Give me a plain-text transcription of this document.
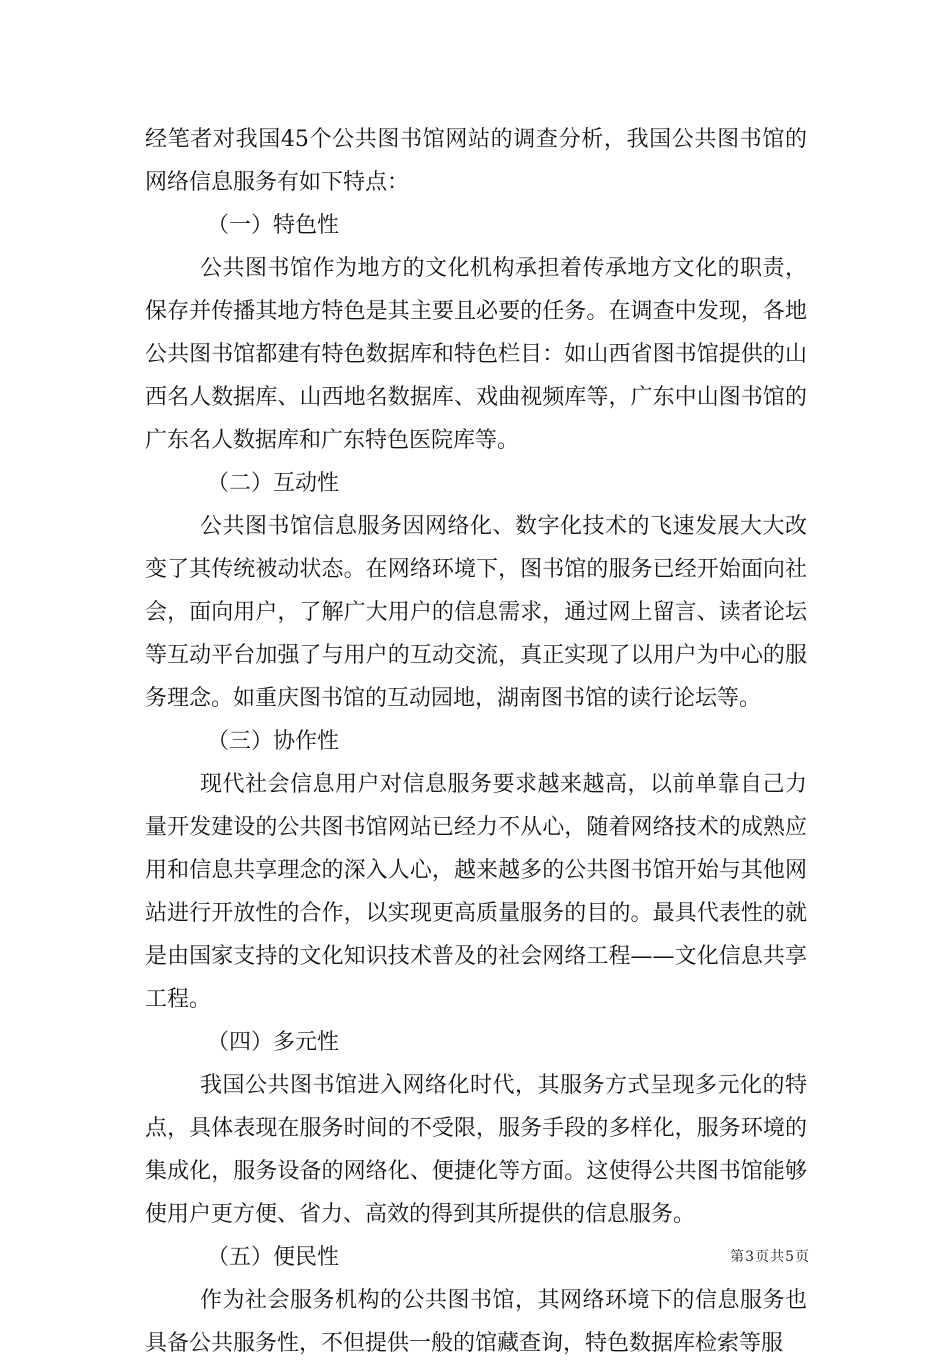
经笔者对我国45个公共图书馆网站的调查分析，我国公共图书馆的网络信息服务有如下特点：

（一）特色性

公共图书馆作为地方的文化机构承担着传承地方文化的职责，保存并传播其地方特色是其主要且必要的任务。在调查中发现，各地公共图书馆都建有特色数据库和特色栏目：如山西省图书馆提供的山西名人数据库、山西地名数据库、戏曲视频库等，广东中山图书馆的广东名人数据库和广东特色医院库等。

（二）互动性

公共图书馆信息服务因网络化、数字化技术的飞速发展大大改变了其传统被动状态。在网络环境下，图书馆的服务已经开始面向社会，面向用户，了解广大用户的信息需求，通过网上留言、读者论坛等互动平台加强了与用户的互动交流，真正实现了以用户为中心的服务理念。如重庆图书馆的互动园地，湖南图书馆的读行论坛等。

（三）协作性

现代社会信息用户对信息服务要求越来越高，以前单靠自己力量开发建设的公共图书馆网站已经力不从心，随着网络技术的成熟应用和信息共享理念的深入人心，越来越多的公共图书馆开始与其他网站进行开放性的合作，以实现更高质量服务的目的。最具代表性的就是由国家支持的文化知识技术普及的社会网络工程——文化信息共享工程。

（四）多元性

我国公共图书馆进入网络化时代，其服务方式呈现多元化的特点，具体表现在服务时间的不受限，服务手段的多样化，服务环境的集成化，服务设备的网络化、便捷化等方面。这使得公共图书馆能够使用户更方便、省力、高效的得到其所提供的信息服务。

（五）便民性

作为社会服务机构的公共图书馆，其网络环境下的信息服务也具备公共服务性，不但提供一般的馆藏查询，特色数据库检索等服

第3页共5页
